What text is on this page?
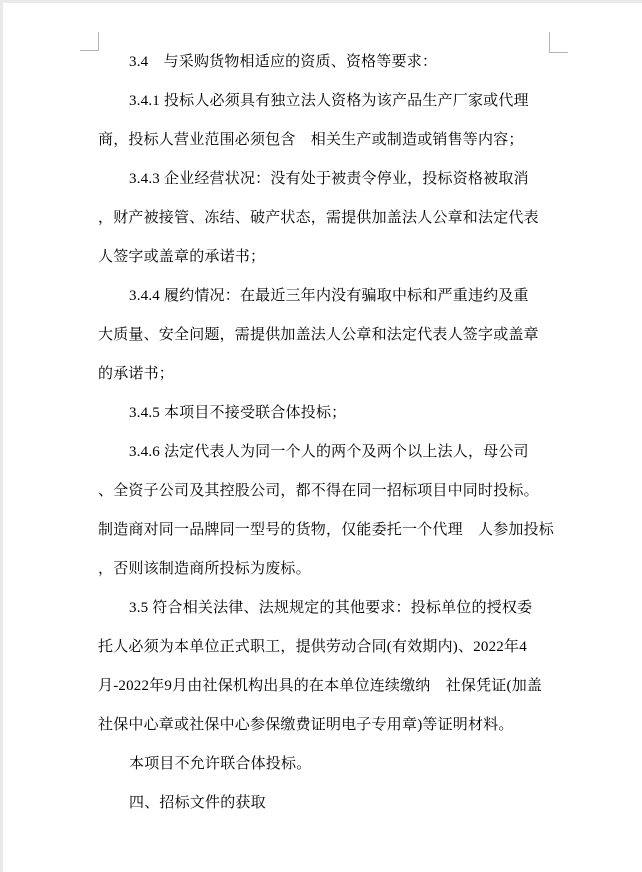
3.4　与采购货物相适应的资质、资格等要求：
3.4.1 投标人必须具有独立法人资格为该产品生产厂家或代理
商，投标人营业范围必须包含　相关生产或制造或销售等内容；
3.4.3 企业经营状况：没有处于被责令停业，投标资格被取消
，财产被接管、冻结、破产状态，需提供加盖法人公章和法定代表
人签字或盖章的承诺书；
3.4.4 履约情况：在最近三年内没有骗取中标和严重违约及重
大质量、安全问题，需提供加盖法人公章和法定代表人签字或盖章
的承诺书；
3.4.5 本项目不接受联合体投标；
3.4.6 法定代表人为同一个人的两个及两个以上法人，母公司
、全资子公司及其控股公司，都不得在同一招标项目中同时投标。
制造商对同一品牌同一型号的货物，仅能委托一个代理　人参加投标
，否则该制造商所投标为废标。
3.5 符合相关法律、法规规定的其他要求：投标单位的授权委
托人必须为本单位正式职工，提供劳动合同(有效期内)、2022年4
月-2022年9月由社保机构出具的在本单位连续缴纳　社保凭证(加盖
社保中心章或社保中心参保缴费证明电子专用章)等证明材料。
本项目不允许联合体投标。
四、招标文件的获取
